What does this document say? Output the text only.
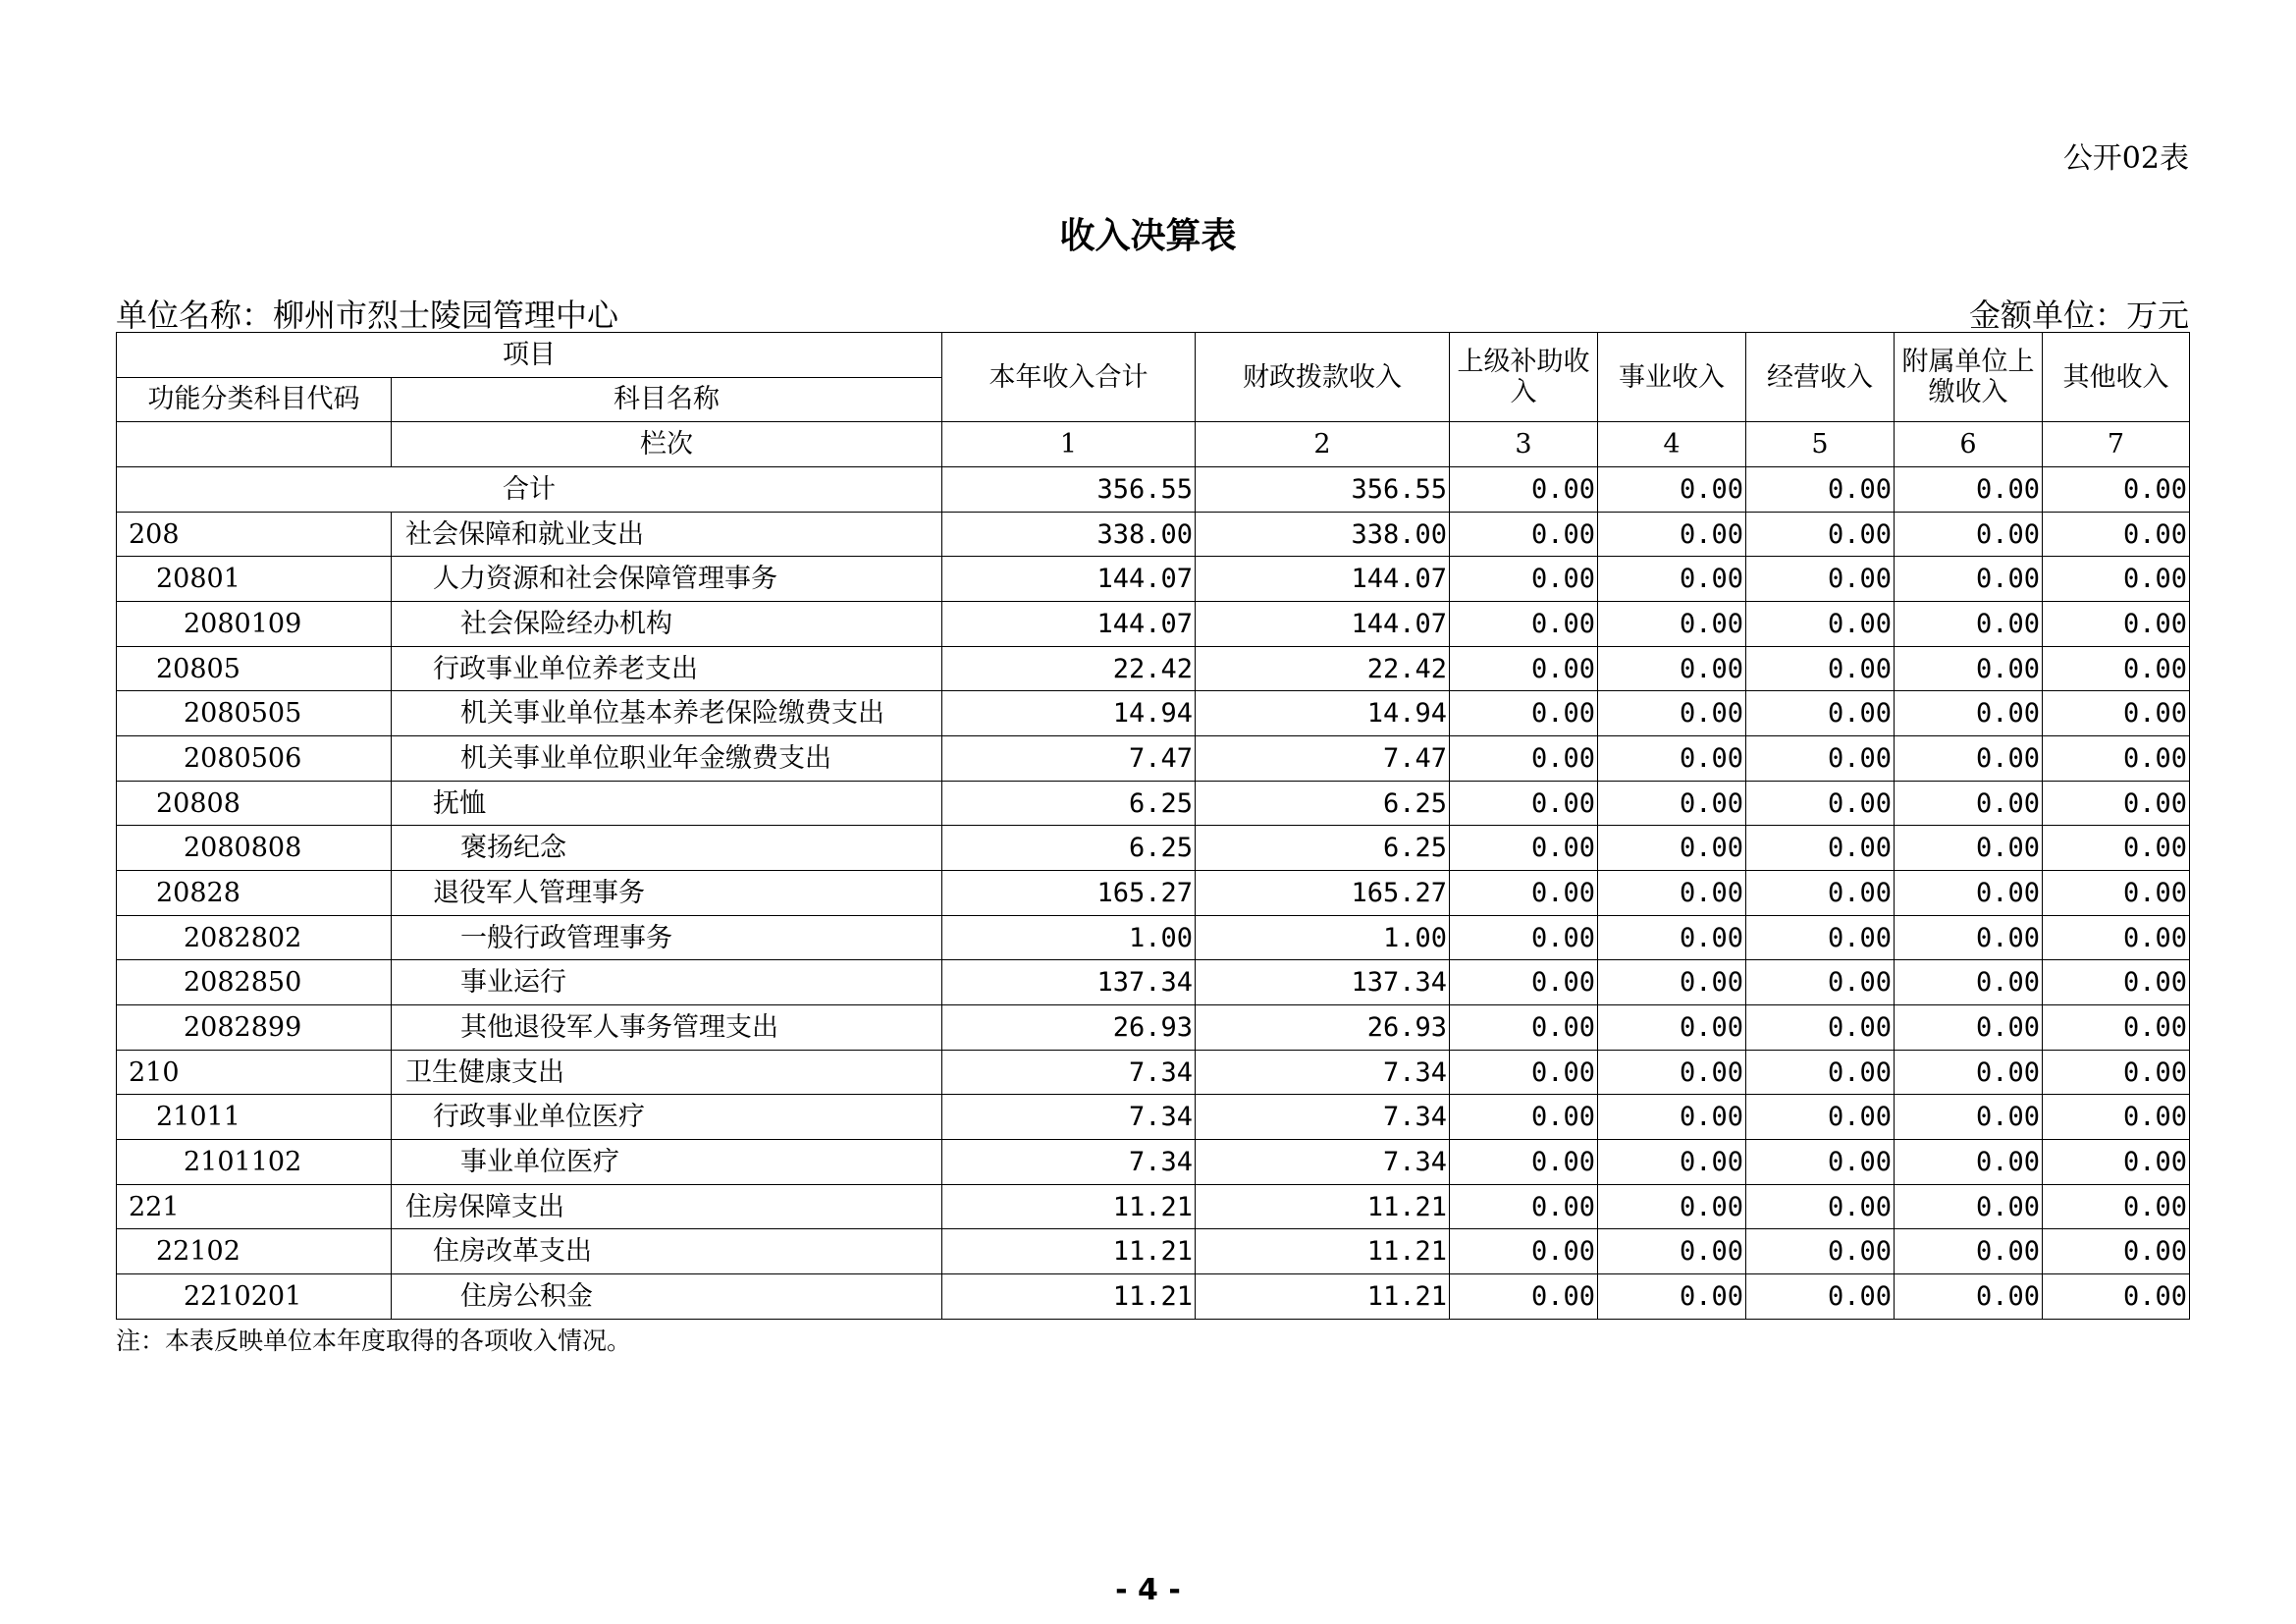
公开02表
收入决算表
单位名称：柳州市烈士陵园管理中心	金额单位：万元
项目		本年收入合计	财政拨款收入	上级补助收入	事业收入	经营收入	附属单位上缴收入	其他收入
功能分类科目代码	科目名称							
	栏次	1	2	3	4	5	6	7
合计		356.55	356.55	0.00	0.00	0.00	0.00	0.00
208	社会保障和就业支出	338.00	338.00	0.00	0.00	0.00	0.00	0.00
20801	人力资源和社会保障管理事务	144.07	144.07	0.00	0.00	0.00	0.00	0.00
2080109	社会保险经办机构	144.07	144.07	0.00	0.00	0.00	0.00	0.00
20805	行政事业单位养老支出	22.42	22.42	0.00	0.00	0.00	0.00	0.00
2080505	机关事业单位基本养老保险缴费支出	14.94	14.94	0.00	0.00	0.00	0.00	0.00
2080506	机关事业单位职业年金缴费支出	7.47	7.47	0.00	0.00	0.00	0.00	0.00
20808	抚恤	6.25	6.25	0.00	0.00	0.00	0.00	0.00
2080808	褒扬纪念	6.25	6.25	0.00	0.00	0.00	0.00	0.00
20828	退役军人管理事务	165.27	165.27	0.00	0.00	0.00	0.00	0.00
2082802	一般行政管理事务	1.00	1.00	0.00	0.00	0.00	0.00	0.00
2082850	事业运行	137.34	137.34	0.00	0.00	0.00	0.00	0.00
2082899	其他退役军人事务管理支出	26.93	26.93	0.00	0.00	0.00	0.00	0.00
210	卫生健康支出	7.34	7.34	0.00	0.00	0.00	0.00	0.00
21011	行政事业单位医疗	7.34	7.34	0.00	0.00	0.00	0.00	0.00
2101102	事业单位医疗	7.34	7.34	0.00	0.00	0.00	0.00	0.00
221	住房保障支出	11.21	11.21	0.00	0.00	0.00	0.00	0.00
22102	住房改革支出	11.21	11.21	0.00	0.00	0.00	0.00	0.00
2210201	住房公积金	11.21	11.21	0.00	0.00	0.00	0.00	0.00
注：本表反映单位本年度取得的各项收入情况。
- 4 -
